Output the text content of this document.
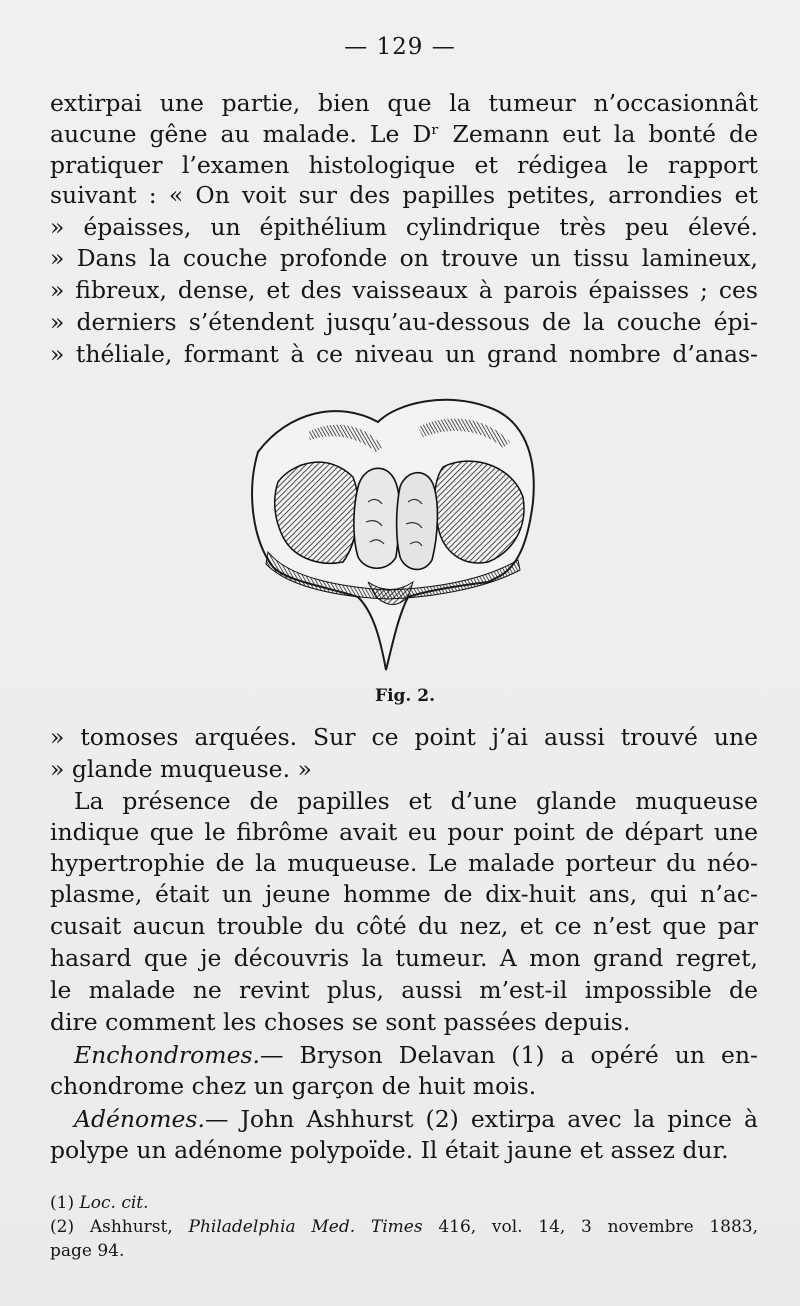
— 129 —
extirpai une partie, bien que la tumeur n’occasionnât
aucune gêne au malade. Le Dʳ Zemann eut la bonté de
pratiquer l’examen histologique et rédigea le rapport
suivant : « On voit sur des papilles petites, arrondies et
» épaisses, un épithélium cylindrique très peu élevé.
» Dans la couche profonde on trouve un tissu lamineux,
» fibreux, dense, et des vaisseaux à parois épaisses ; ces
» derniers s’étendent jusqu’au-dessous de la couche épi-
» théliale, formant à ce niveau un grand nombre d’anas-
Fig. 2.
» tomoses arquées. Sur ce point j’ai aussi trouvé une
» glande muqueuse. »
La présence de papilles et d’une glande muqueuse
indique que le fibrôme avait eu pour point de départ une
hypertrophie de la muqueuse. Le malade porteur du néo-
plasme, était un jeune homme de dix-huit ans, qui n’ac-
cusait aucun trouble du côté du nez, et ce n’est que par
hasard que je découvris la tumeur. A mon grand regret,
le malade ne revint plus, aussi m’est-il impossible de
dire comment les choses se sont passées depuis.
Enchondromes.— Bryson Delavan (1) a opéré un en-
chondrome chez un garçon de huit mois.
Adénomes.— John Ashhurst (2) extirpa avec la pince à
polype un adénome polypoïde. Il était jaune et assez dur.
(1) Loc. cit.
(2) Ashhurst, Philadelphia Med. Times 416, vol. 14, 3 novembre 1883,
page 94.
